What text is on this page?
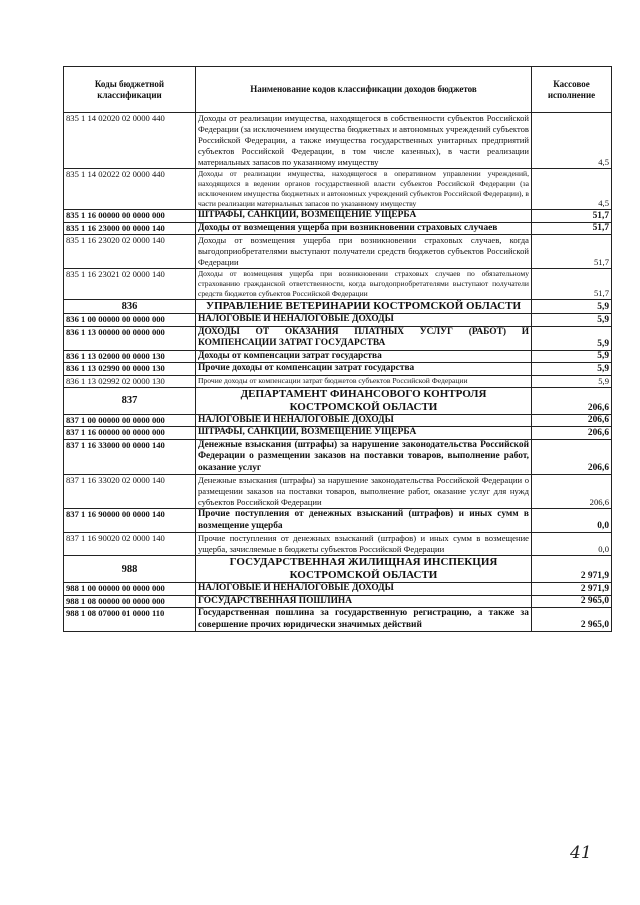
Коды бюджетной классификации	Наименование кодов классификации доходов бюджетов	Кассовое исполнение
835 1 14 02020 02 0000 440	Доходы от реализации имущества, находящегося в собственности субъектов Российской Федерации (за исключением имущества бюджетных и автономных учреждений субъектов Российской Федерации, а также имущества государственных унитарных предприятий субъектов Российской Федерации, в том числе казенных), в части реализации материальных запасов по указанному имуществу	4,5
835 1 14 02022 02 0000 440	Доходы от реализации имущества, находящегося в оперативном управлении учреждений, находящихся в ведении органов государственной власти субъектов Российской Федерации (за исключением имущества бюджетных и автономных учреждений субъектов Российской Федерации), в части реализации материальных запасов по указанному имуществу	4,5
835 1 16 00000 00 0000 000	ШТРАФЫ, САНКЦИИ, ВОЗМЕЩЕНИЕ УЩЕРБА	51,7
835 1 16 23000 00 0000 140	Доходы от возмещения ущерба при возникновении страховых случаев	51,7
835 1 16 23020 02 0000 140	Доходы от возмещения ущерба при возникновении страховых случаев, когда выгодоприобретателями выступают получатели средств бюджетов субъектов Российской Федерации	51,7
835 1 16 23021 02 0000 140	Доходы от возмещения ущерба при возникновении страховых случаев по обязательному страхованию гражданской ответственности, когда выгодоприобретателями выступают получатели средств бюджетов субъектов Российской Федерации	51,7
836	УПРАВЛЕНИЕ ВЕТЕРИНАРИИ КОСТРОМСКОЙ ОБЛАСТИ	5,9
836 1 00 00000 00 0000 000	НАЛОГОВЫЕ И НЕНАЛОГОВЫЕ ДОХОДЫ	5,9
836 1 13 00000 00 0000 000	ДОХОДЫ ОТ ОКАЗАНИЯ ПЛАТНЫХ УСЛУГ (РАБОТ) И КОМПЕНСАЦИИ ЗАТРАТ ГОСУДАРСТВА	5,9
836 1 13 02000 00 0000 130	Доходы от компенсации затрат государства	5,9
836 1 13 02990 00 0000 130	Прочие доходы от компенсации затрат государства	5,9
836 1 13 02992 02 0000 130	Прочие доходы от компенсации затрат бюджетов субъектов Российской Федерации	5,9
837	ДЕПАРТАМЕНТ ФИНАНСОВОГО КОНТРОЛЯ КОСТРОМСКОЙ ОБЛАСТИ	206,6
837 1 00 00000 00 0000 000	НАЛОГОВЫЕ И НЕНАЛОГОВЫЕ ДОХОДЫ	206,6
837 1 16 00000 00 0000 000	ШТРАФЫ, САНКЦИИ, ВОЗМЕЩЕНИЕ УЩЕРБА	206,6
837 1 16 33000 00 0000 140	Денежные взыскания (штрафы) за нарушение законодательства Российской Федерации о размещении заказов на поставки товаров, выполнение работ, оказание услуг	206,6
837 1 16 33020 02 0000 140	Денежные взыскания (штрафы) за нарушение законодательства Российской Федерации о размещении заказов на поставки товаров, выполнение работ, оказание услуг для нужд субъектов Российской Федерации	206,6
837 1 16 90000 00 0000 140	Прочие поступления от денежных взысканий (штрафов) и иных сумм в возмещение ущерба	0,0
837 1 16 90020 02 0000 140	Прочие поступления от денежных взысканий (штрафов) и иных сумм в возмещение ущерба, зачисляемые в бюджеты субъектов Российской Федерации	0,0
988	ГОСУДАРСТВЕННАЯ ЖИЛИЩНАЯ ИНСПЕКЦИЯ КОСТРОМСКОЙ ОБЛАСТИ	2 971,9
988 1 00 00000 00 0000 000	НАЛОГОВЫЕ И НЕНАЛОГОВЫЕ ДОХОДЫ	2 971,9
988 1 08 00000 00 0000 000	ГОСУДАРСТВЕННАЯ ПОШЛИНА	2 965,0
988 1 08 07000 01 0000 110	Государственная пошлина за государственную регистрацию, а также за совершение прочих юридически значимых действий	2 965,0
41
